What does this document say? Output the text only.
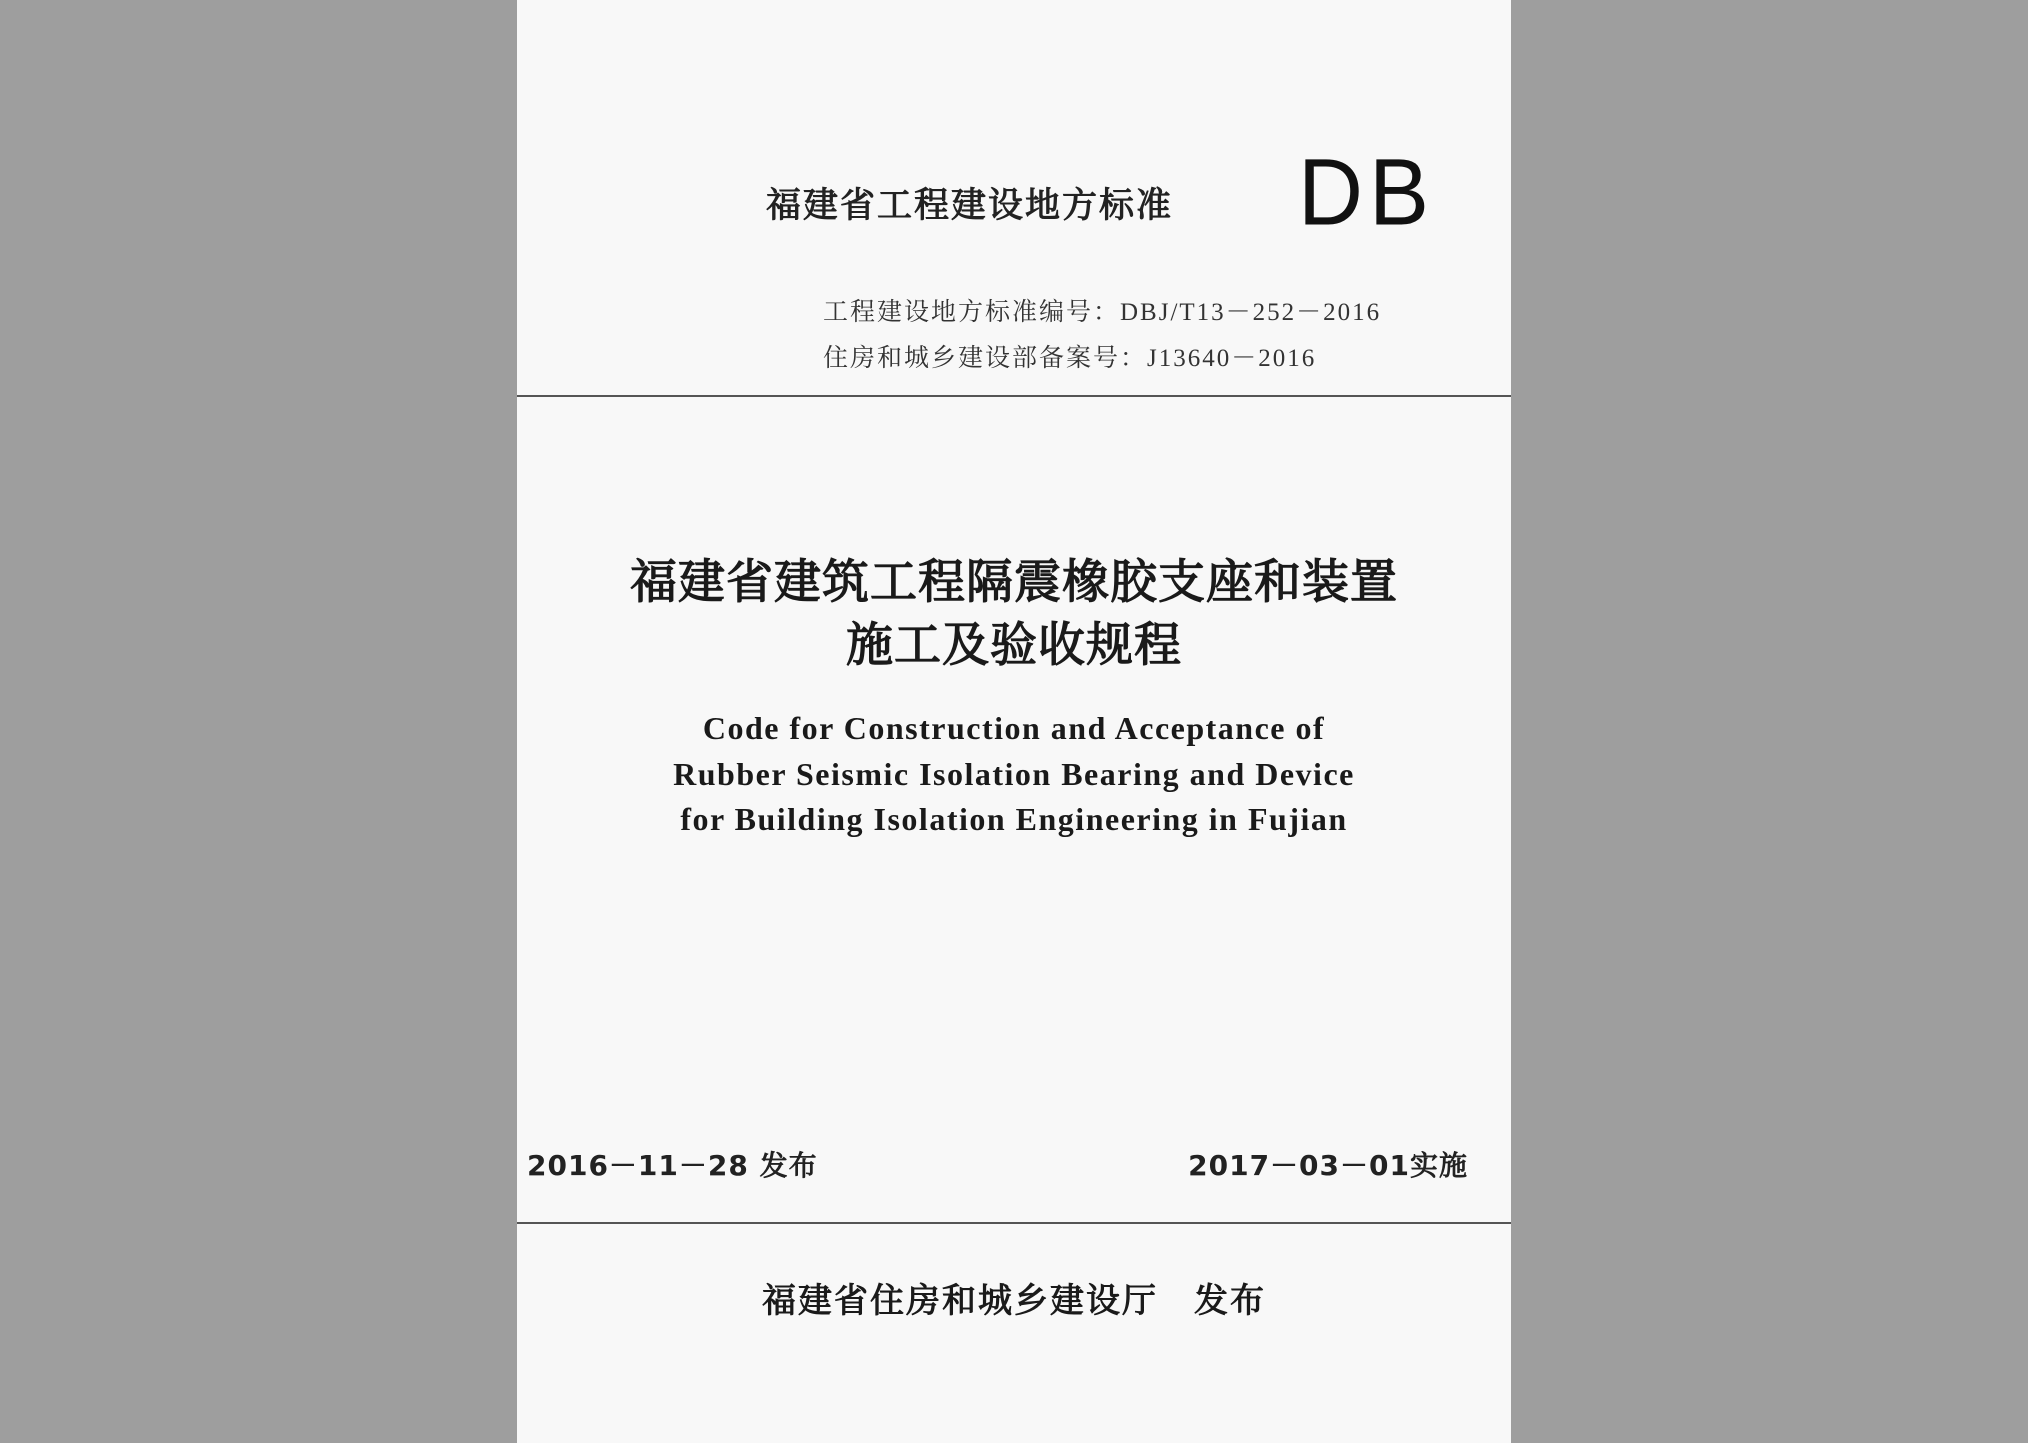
福建省工程建设地方标准 DB
工程建设地方标准编号：DBJ/T13－252－2016
住房和城乡建设部备案号：J13640－2016
福建省建筑工程隔震橡胶支座和装置
施工及验收规程
Code for Construction and Acceptance of
Rubber Seismic Isolation Bearing and Device
for Building Isolation Engineering in Fujian
2016－11－28 发布	2017－03－01实施
福建省住房和城乡建设厅　发布
